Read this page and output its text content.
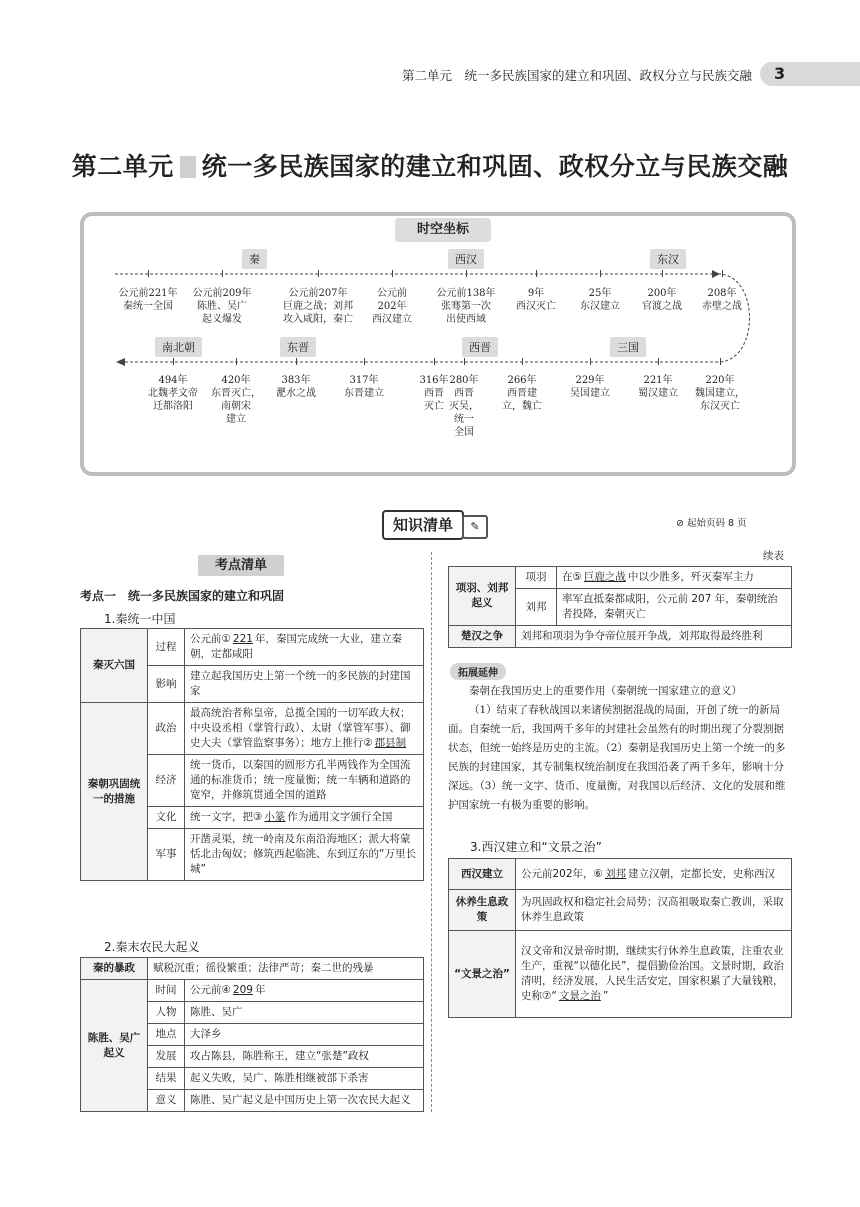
第二单元　统一多民族国家的建立和巩固、政权分立与民族交融 3
第二单元 统一多民族国家的建立和巩固、政权分立与民族交融
时空坐标
公元前221年
秦统一全国
公元前209年
陈胜、吴广
起义爆发
公元前207年
巨鹿之战；刘邦
攻入咸阳，秦亡
公元前
202年
西汉建立
公元前138年
张骞第一次
出使西域
9年
西汉灭亡
25年
东汉建立
200年
官渡之战
208年
赤壁之战
494年
北魏孝文帝
迁都洛阳
420年
东晋灭亡，
南朝宋
建立
383年
淝水之战
317年
东晋建立
316年
西晋
灭亡
280年
西晋
灭吴，
统一
全国
266年
西晋建
立，魏亡
229年
吴国建立
221年
蜀汉建立
220年
魏国建立，
东汉灭亡
秦	西汉	东汉
南北朝	东晋	西晋	三国
知识清单	✎	⊘ 起始页码 8 页
考点清单
考点一　统一多民族国家的建立和巩固
1.秦统一中国
秦灭六国	过程	公元前① 221 年，秦国完成统一大业，建立秦朝，定都咸阳
	影响	建立起我国历史上第一个统一的多民族的封建国家
秦朝巩固统一的措施	政治	最高统治者称皇帝，总揽全国的一切军政大权；中央设丞相（掌管行政）、太尉（掌管军事）、御史大夫（掌管监察事务）；地方上推行② 郡县制
	经济	统一货币，以秦国的圆形方孔半两钱作为全国流通的标准货币；统一度量衡；统一车辆和道路的宽窄，并修筑贯通全国的道路
	文化	统一文字，把③ 小篆 作为通用文字颁行全国
	军事	开凿灵渠，统一岭南及东南沿海地区；派大将蒙恬北击匈奴；修筑西起临洮、东到辽东的“万里长城”
2.秦末农民大起义
秦的暴政	赋税沉重；徭役繁重；法律严苛；秦二世的残暴	
陈胜、吴广起义	时间	公元前④ 209 年
	人物	陈胜、吴广
	地点	大泽乡
	发展	攻占陈县，陈胜称王，建立“张楚”政权
	结果	起义失败，吴广、陈胜相继被部下杀害
	意义	陈胜、吴广起义是中国历史上第一次农民大起义
续表
项羽、刘邦起义	项羽	在⑤ 巨鹿之战 中以少胜多，歼灭秦军主力
	刘邦	率军直抵秦都咸阳，公元前 207 年，秦朝统治者投降，秦朝灭亡
楚汉之争	刘邦和项羽为争夺帝位展开争战，刘邦取得最终胜利	
拓展延伸
秦朝在我国历史上的重要作用（秦朝统一国家建立的意义）
（1）结束了春秋战国以来诸侯割据混战的局面，开创了统一的新局面。自秦统一后，我国两千多年的封建社会虽然有的时期出现了分裂割据状态，但统一始终是历史的主流。（2）秦朝是我国历史上第一个统一的多民族的封建国家，其专制集权统治制度在我国沿袭了两千多年，影响十分深远。（3）统一文字、货币、度量衡，对我国以后经济、文化的发展和维护国家统一有极为重要的影响。
3.西汉建立和“文景之治”
西汉建立	公元前202年，⑥ 刘邦 建立汉朝，定都长安，史称西汉
休养生息政策	为巩固政权和稳定社会局势；汉高祖吸取秦亡教训，采取休养生息政策
“文景之治”	汉文帝和汉景帝时期，继续实行休养生息政策，注重农业生产，重视“以德化民”，提倡勤俭治国。文景时期，政治清明，经济发展，人民生活安定，国家积累了大量钱粮，史称⑦“ 文景之治 ”
